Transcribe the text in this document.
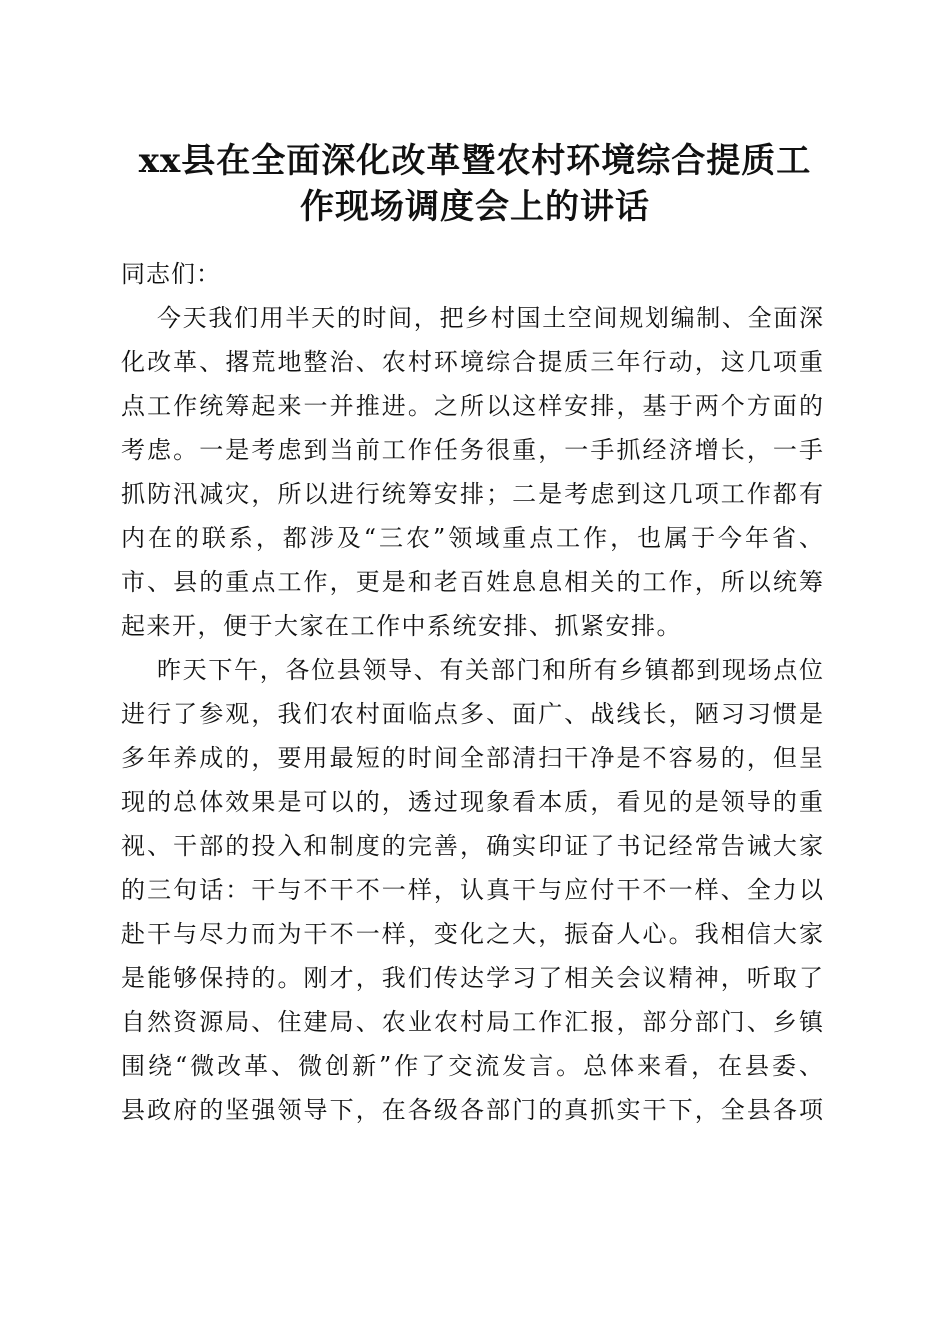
xx县在全面深化改革暨农村环境综合提质工
作现场调度会上的讲话

同志们：

今天我们用半天的时间，把乡村国土空间规划编制、全面深
化改革、撂荒地整治、农村环境综合提质三年行动，这几项重
点工作统筹起来一并推进。之所以这样安排，基于两个方面的
考虑。一是考虑到当前工作任务很重，一手抓经济增长，一手
抓防汛减灾，所以进行统筹安排；二是考虑到这几项工作都有
内在的联系，都涉及“三农”领域重点工作，也属于今年省、
市、县的重点工作，更是和老百姓息息相关的工作，所以统筹
起来开，便于大家在工作中系统安排、抓紧安排。

昨天下午，各位县领导、有关部门和所有乡镇都到现场点位
进行了参观，我们农村面临点多、面广、战线长，陋习习惯是
多年养成的，要用最短的时间全部清扫干净是不容易的，但呈
现的总体效果是可以的，透过现象看本质，看见的是领导的重
视、干部的投入和制度的完善，确实印证了书记经常告诫大家
的三句话：干与不干不一样，认真干与应付干不一样、全力以
赴干与尽力而为干不一样，变化之大，振奋人心。我相信大家
是能够保持的。刚才，我们传达学习了相关会议精神，听取了
自然资源局、住建局、农业农村局工作汇报，部分部门、乡镇
围绕“微改革、微创新”作了交流发言。总体来看，在县委、
县政府的坚强领导下，在各级各部门的真抓实干下，全县各项
